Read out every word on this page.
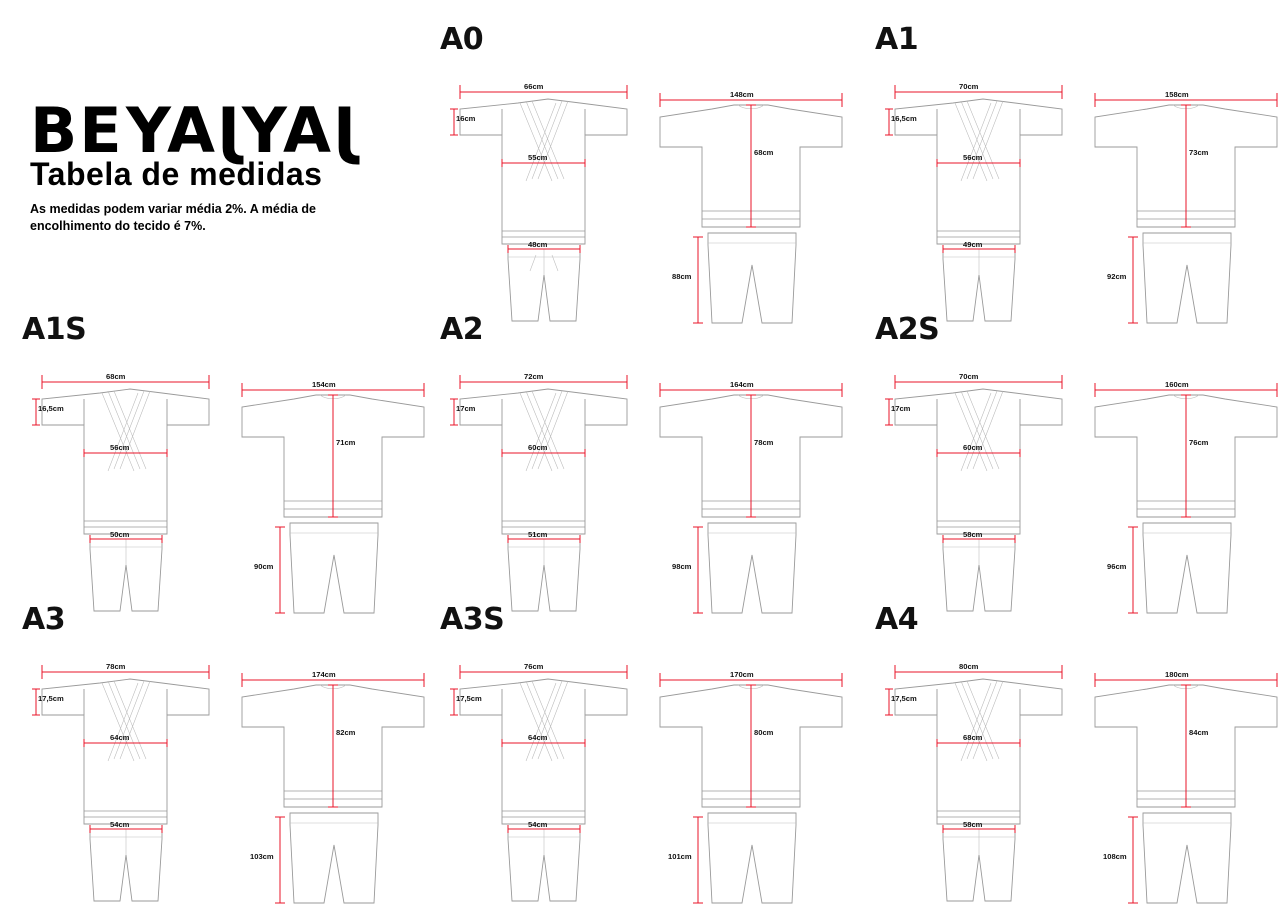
BEJAYJAY
Tabela de medidas
As medidas podem variar média 2%. A média de encolhimento do tecido é 7%.
A0
66cm
16cm
55cm
48cm
148cm
68cm
88cm
A1
70cm
16,5cm
56cm
49cm
158cm
73cm
92cm
A1S
68cm
16,5cm
56cm
50cm
154cm
71cm
90cm
A2
72cm
17cm
60cm
51cm
164cm
78cm
98cm
A2S
70cm
17cm
60cm
58cm
160cm
76cm
96cm
A3
78cm
17,5cm
64cm
54cm
174cm
82cm
103cm
A3S
76cm
17,5cm
64cm
54cm
170cm
80cm
101cm
A4
80cm
17,5cm
68cm
58cm
180cm
84cm
108cm
